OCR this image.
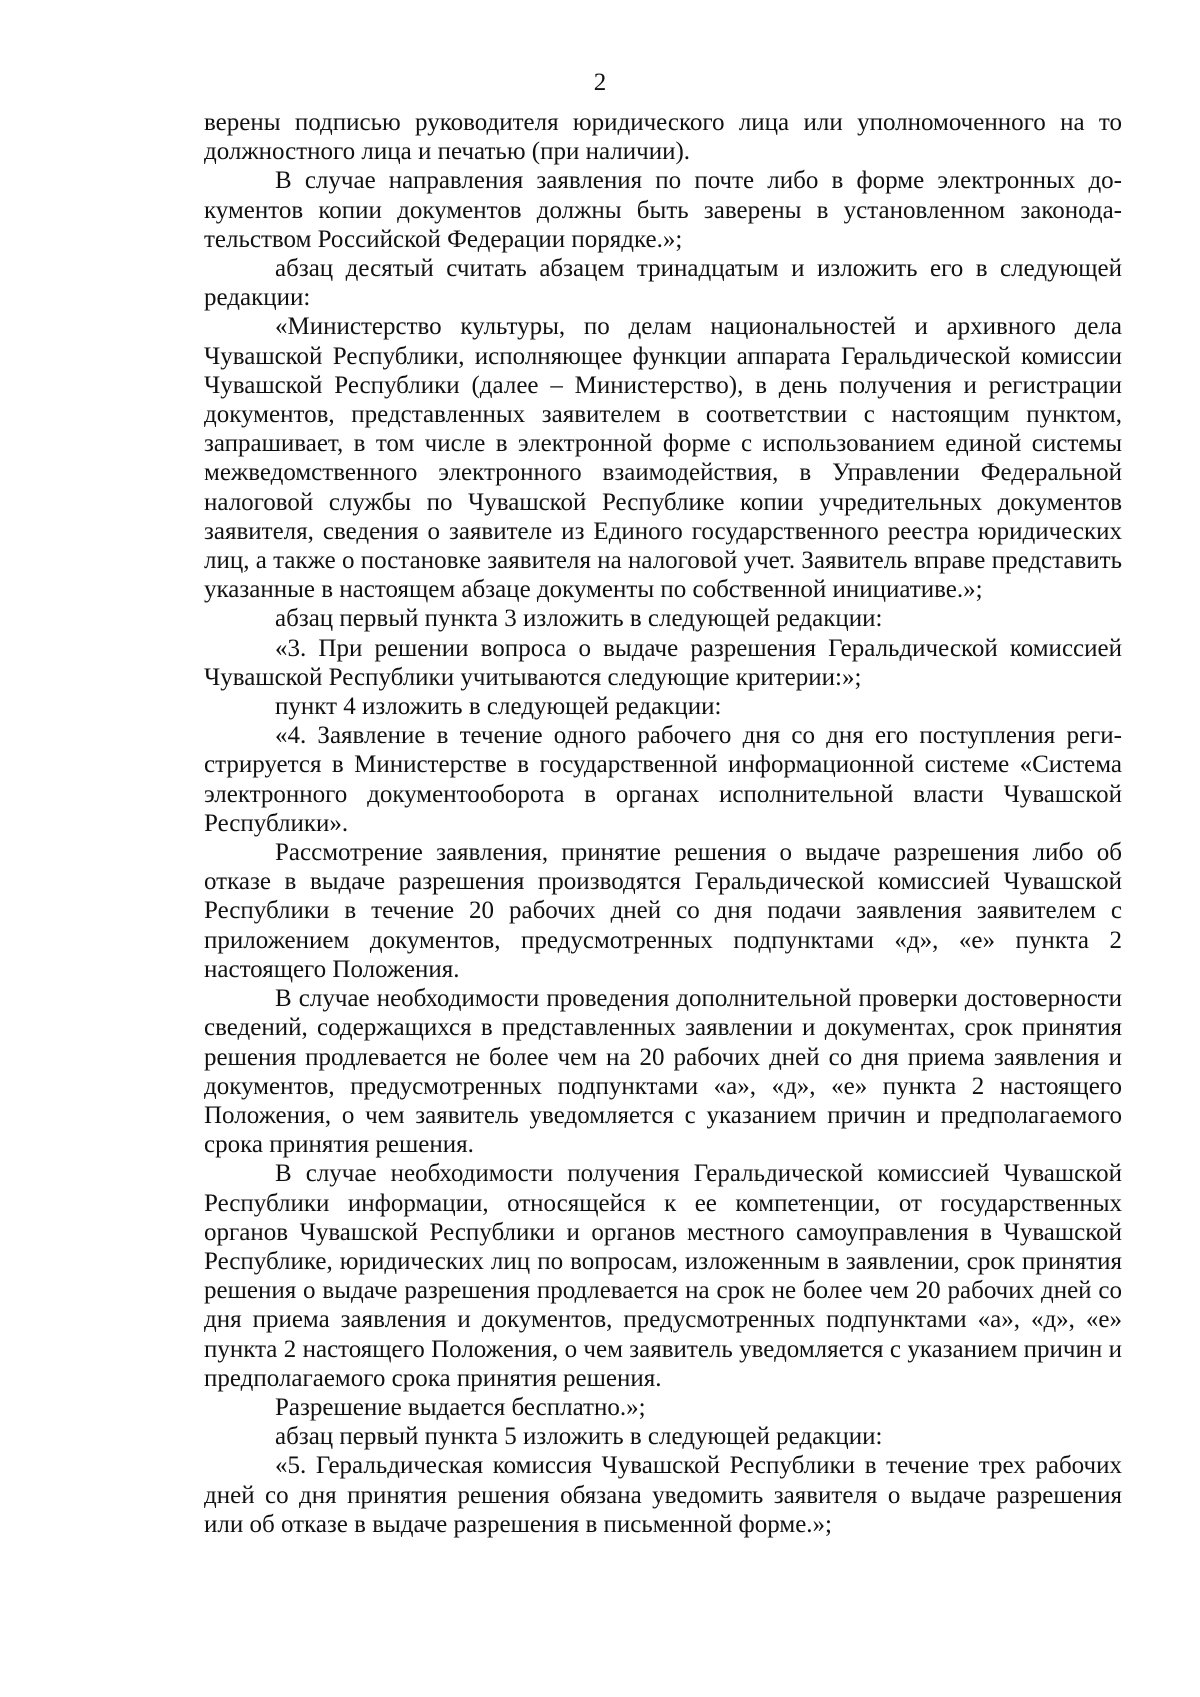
2

верены подписью руководителя юридического лица или уполномоченного на то должностного лица и печатью (при наличии).

В случае направления заявления по почте либо в форме электронных документов копии документов должны быть заверены в установленном законодательством Российской Федерации порядке.»;

абзац десятый считать абзацем тринадцатым и изложить его в следующей редакции:

«Министерство культуры, по делам национальностей и архивного дела Чувашской Республики, исполняющее функции аппарата Геральдической комиссии Чувашской Республики (далее – Министерство), в день получения и регистрации документов, представленных заявителем в соответствии с настоящим пунктом, запрашивает, в том числе в электронной форме с использованием единой системы межведомственного электронного взаимодействия, в Управлении Федеральной налоговой службы по Чувашской Республике копии учредительных документов заявителя, сведения о заявителе из Единого государственного реестра юридических лиц, а также о постановке заявителя на налоговой учет. Заявитель вправе представить указанные в настоящем абзаце документы по собственной инициативе.»;

абзац первый пункта 3 изложить в следующей редакции:

«3. При решении вопроса о выдаче разрешения Геральдической комиссией Чувашской Республики учитываются следующие критерии:»;

пункт 4 изложить в следующей редакции:

«4. Заявление в течение одного рабочего дня со дня его поступления регистрируется в Министерстве в государственной информационной системе «Система электронного документооборота в органах исполнительной власти Чувашской Республики».

Рассмотрение заявления, принятие решения о выдаче разрешения либо об отказе в выдаче разрешения производятся Геральдической комиссией Чувашской Республики в течение 20 рабочих дней со дня подачи заявления заявителем с приложением документов, предусмотренных подпунктами «д», «е» пункта 2 настоящего Положения.

В случае необходимости проведения дополнительной проверки достоверности сведений, содержащихся в представленных заявлении и документах, срок принятия решения продлевается не более чем на 20 рабочих дней со дня приема заявления и документов, предусмотренных подпунктами «а», «д», «е» пункта 2 настоящего Положения, о чем заявитель уведомляется с указанием причин и предполагаемого срока принятия решения.

В случае необходимости получения Геральдической комиссией Чувашской Республики информации, относящейся к ее компетенции, от государственных органов Чувашской Республики и органов местного самоуправления в Чувашской Республике, юридических лиц по вопросам, изложенным в заявлении, срок принятия решения о выдаче разрешения продлевается на срок не более чем 20 рабочих дней со дня приема заявления и документов, предусмотренных подпунктами «а», «д», «е» пункта 2 настоящего Положения, о чем заявитель уведомляется с указанием причин и предполагаемого срока принятия решения.

Разрешение выдается бесплатно.»;

абзац первый пункта 5 изложить в следующей редакции:

«5. Геральдическая комиссия Чувашской Республики в течение трех рабочих дней со дня принятия решения обязана уведомить заявителя о выдаче разрешения или об отказе в выдаче разрешения в письменной форме.»;
